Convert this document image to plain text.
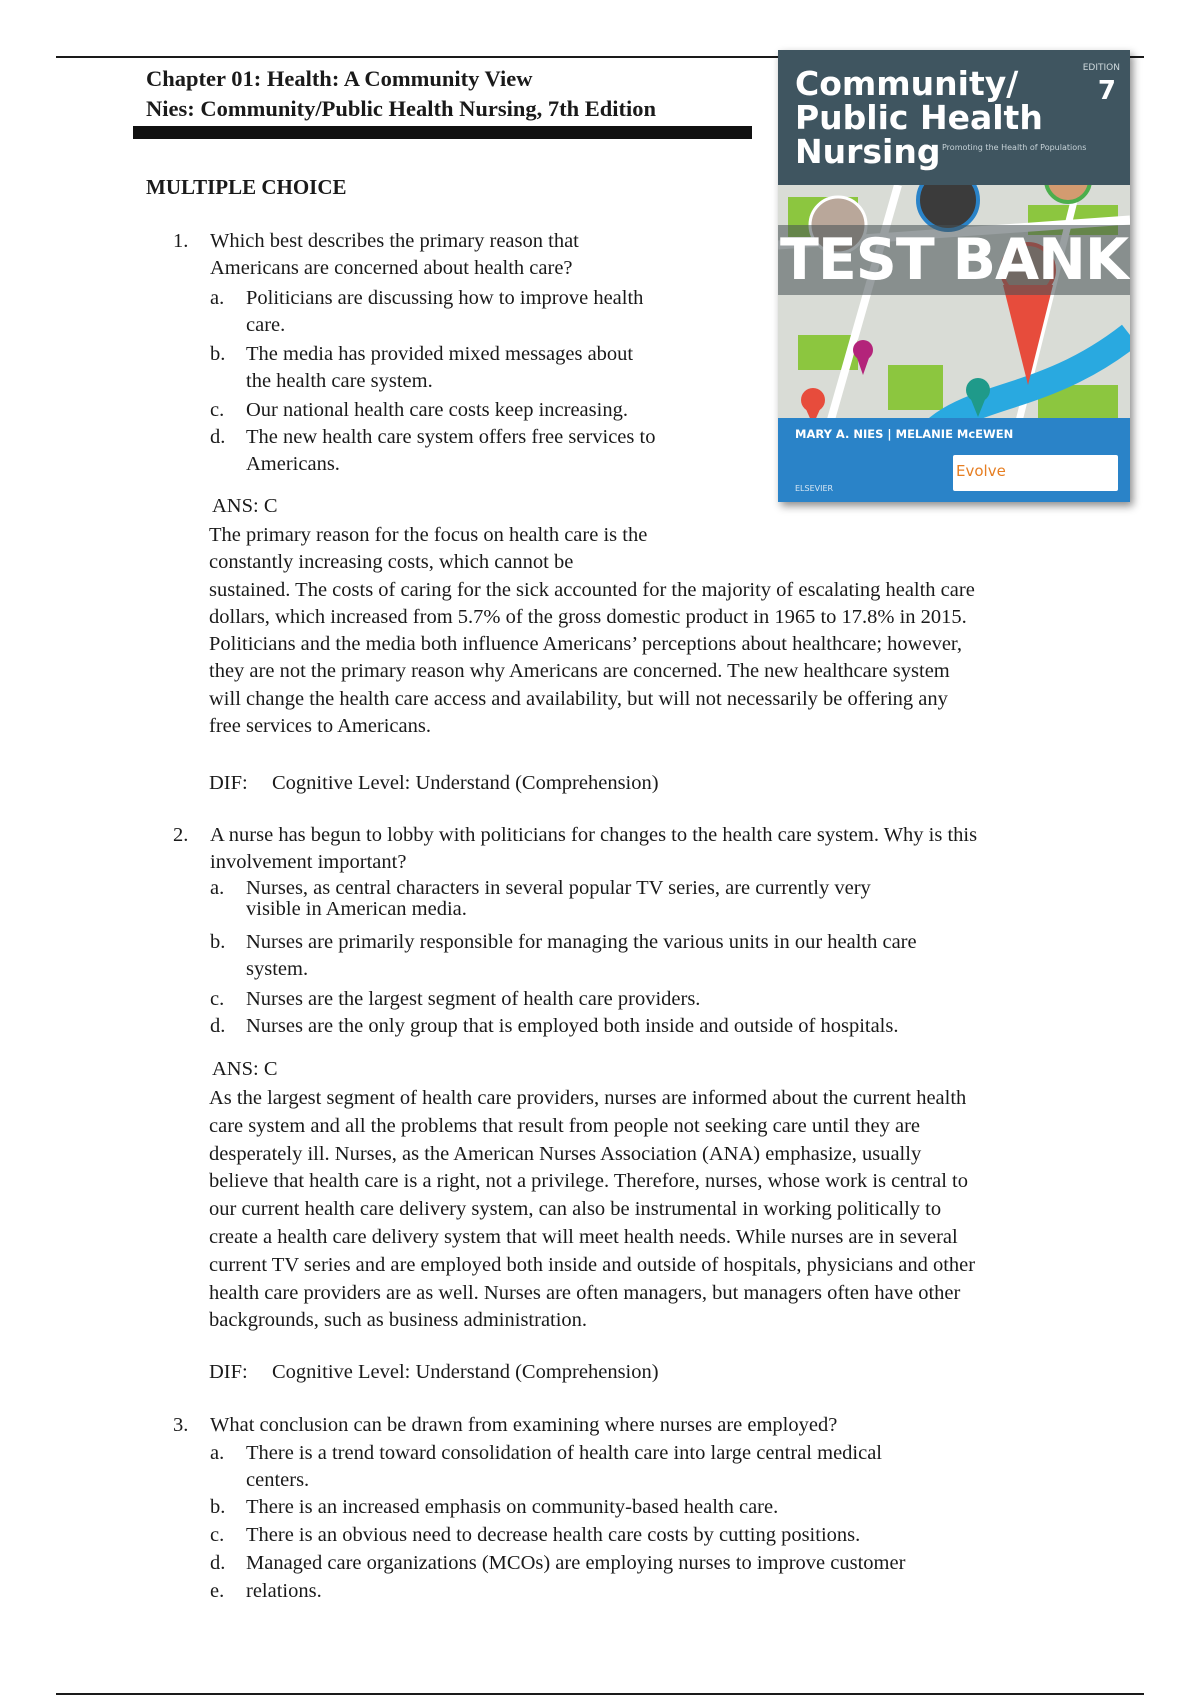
Chapter 01: Health: A Community View
Nies: Community/Public Health Nursing, 7th Edition
MULTIPLE CHOICE
Community/
Public Health
Nursing
EDITION
7
Promoting the Health of Populations
TEST BANK
MARY A. NIES | MELANIE McEWEN
Evolve
ELSEVIER
1. Which best describes the primary reason that
Americans are concerned about health care?
a. Politicians are discussing how to improve health
care.
b. The media has provided mixed messages about
the health care system.
c. Our national health care costs keep increasing.
d. The new health care system offers free services to
Americans.
ANS: C
The primary reason for the focus on health care is the
constantly increasing costs, which cannot be
sustained. The costs of caring for the sick accounted for the majority of escalating health care
dollars, which increased from 5.7% of the gross domestic product in 1965 to 17.8% in 2015.
Politicians and the media both influence Americans’ perceptions about healthcare; however,
they are not the primary reason why Americans are concerned. The new healthcare system
will change the health care access and availability, but will not necessarily be offering any
free services to Americans.
DIF: Cognitive Level: Understand (Comprehension)
2. A nurse has begun to lobby with politicians for changes to the health care system. Why is this
involvement important?
a. Nurses, as central characters in several popular TV series, are currently very
visible in American media.
b. Nurses are primarily responsible for managing the various units in our health care
system.
c. Nurses are the largest segment of health care providers.
d. Nurses are the only group that is employed both inside and outside of hospitals.
ANS: C
As the largest segment of health care providers, nurses are informed about the current health
care system and all the problems that result from people not seeking care until they are
desperately ill. Nurses, as the American Nurses Association (ANA) emphasize, usually
believe that health care is a right, not a privilege. Therefore, nurses, whose work is central to
our current health care delivery system, can also be instrumental in working politically to
create a health care delivery system that will meet health needs. While nurses are in several
current TV series and are employed both inside and outside of hospitals, physicians and other
health care providers are as well. Nurses are often managers, but managers often have other
backgrounds, such as business administration.
DIF: Cognitive Level: Understand (Comprehension)
3. What conclusion can be drawn from examining where nurses are employed?
a. There is a trend toward consolidation of health care into large central medical
centers.
b. There is an increased emphasis on community-based health care.
c. There is an obvious need to decrease health care costs by cutting positions.
d. Managed care organizations (MCOs) are employing nurses to improve customer
e. relations.
